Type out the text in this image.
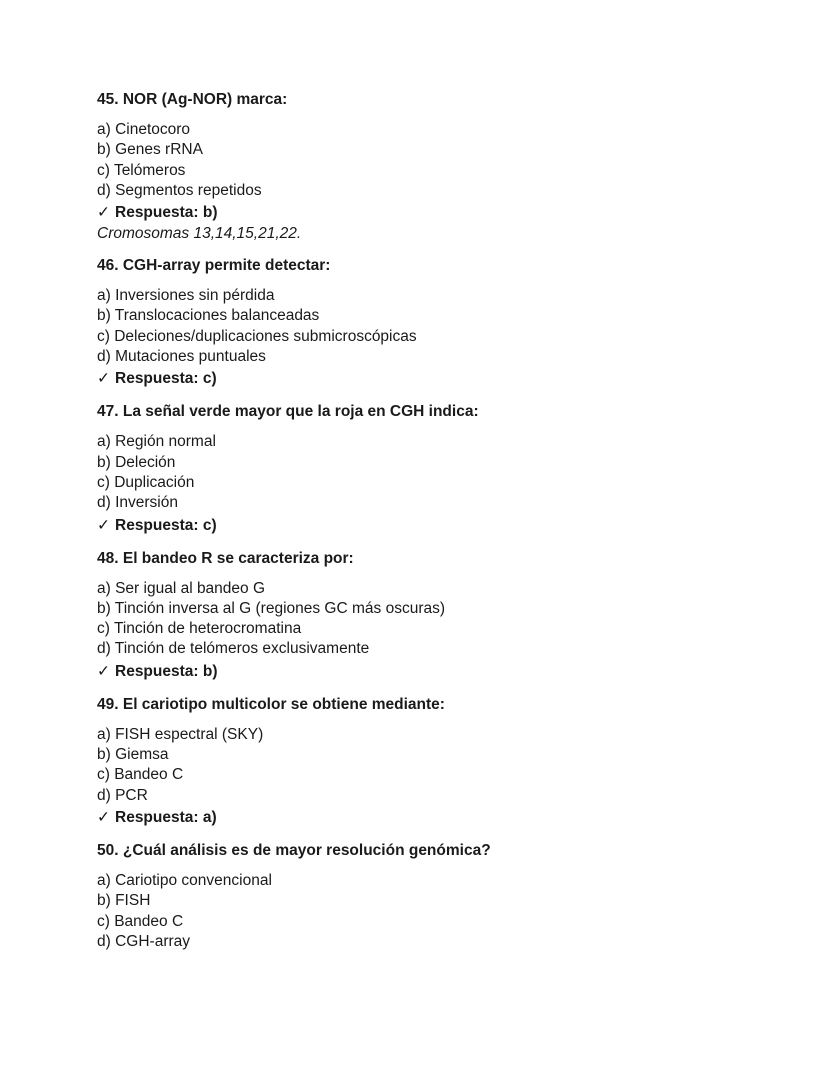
45. NOR (Ag-NOR) marca:
a) Cinetocoro
b) Genes rRNA
c) Telómeros
d) Segmentos repetidos
✓ Respuesta: b)
Cromosomas 13,14,15,21,22.
46. CGH-array permite detectar:
a) Inversiones sin pérdida
b) Translocaciones balanceadas
c) Deleciones/duplicaciones submicroscópicas
d) Mutaciones puntuales
✓ Respuesta: c)
47. La señal verde mayor que la roja en CGH indica:
a) Región normal
b) Deleción
c) Duplicación
d) Inversión
✓ Respuesta: c)
48. El bandeo R se caracteriza por:
a) Ser igual al bandeo G
b) Tinción inversa al G (regiones GC más oscuras)
c) Tinción de heterocromatina
d) Tinción de telómeros exclusivamente
✓ Respuesta: b)
49. El cariotipo multicolor se obtiene mediante:
a) FISH espectral (SKY)
b) Giemsa
c) Bandeo C
d) PCR
✓ Respuesta: a)
50. ¿Cuál análisis es de mayor resolución genómica?
a) Cariotipo convencional
b) FISH
c) Bandeo C
d) CGH-array
